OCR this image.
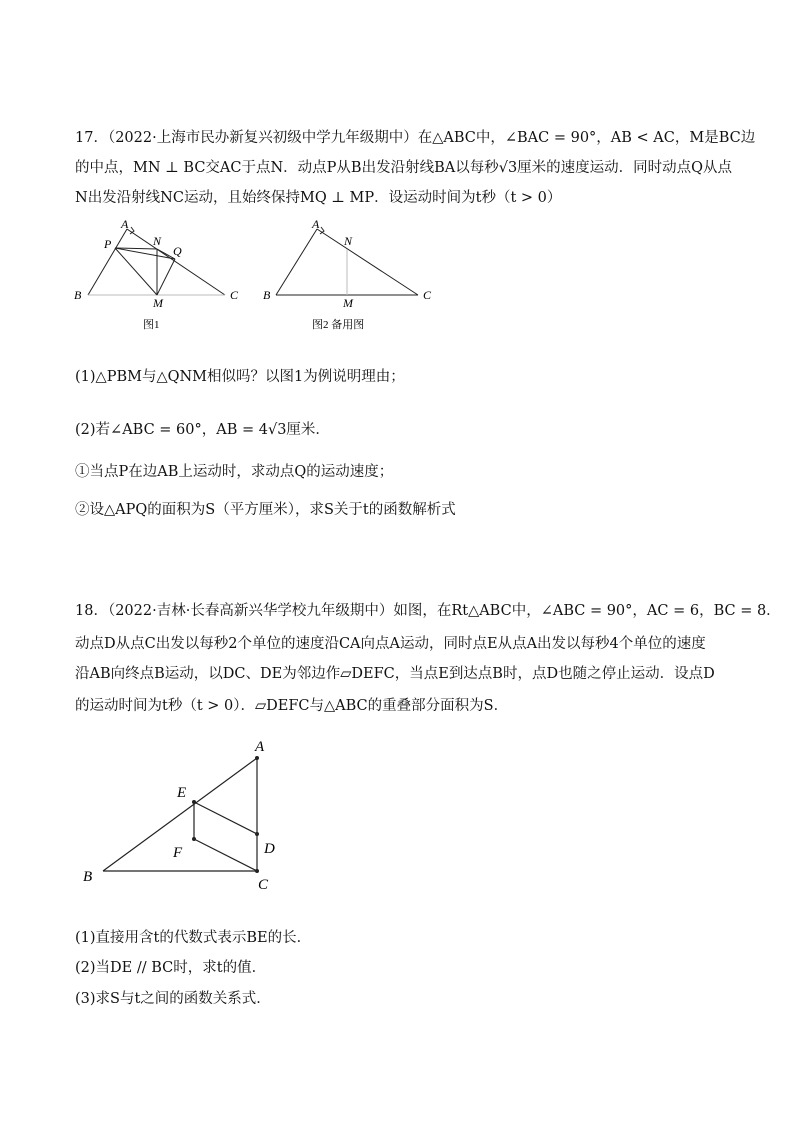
17．（2022·上海市民办新复兴初级中学九年级期中）在△ABC中，∠BAC = 90°，AB < AC，M是BC边
的中点，MN ⊥ BC交AC于点N．动点P从B出发沿射线BA以每秒√3厘米的速度运动．同时动点Q从点
N出发沿射线NC运动，且始终保持MQ ⊥ MP．设运动时间为t秒（t > 0）
A
P	N
Q
B
M
C
图1
A
N
B
M
C
图2 备用图
(1)△PBM与△QNM相似吗？以图1为例说明理由；
(2)若∠ABC = 60°，AB = 4√3厘米．
①当点P在边AB上运动时，求动点Q的运动速度；
②设△APQ的面积为S（平方厘米），求S关于t的函数解析式
18．（2022·吉林·长春高新兴华学校九年级期中）如图，在Rt△ABC中，∠ABC = 90°，AC = 6，BC = 8．
动点D从点C出发以每秒2个单位的速度沿CA向点A运动，同时点E从点A出发以每秒4个单位的速度
沿AB向终点B运动，以DC、DE为邻边作▱DEFC，当点E到达点B时，点D也随之停止运动．设点D
的运动时间为t秒（t > 0）．▱DEFC与△ABC的重叠部分面积为S．
A
E
F	D
B	C
(1)直接用含t的代数式表示BE的长．
(2)当DE // BC时，求t的值．
(3)求S与t之间的函数关系式．
